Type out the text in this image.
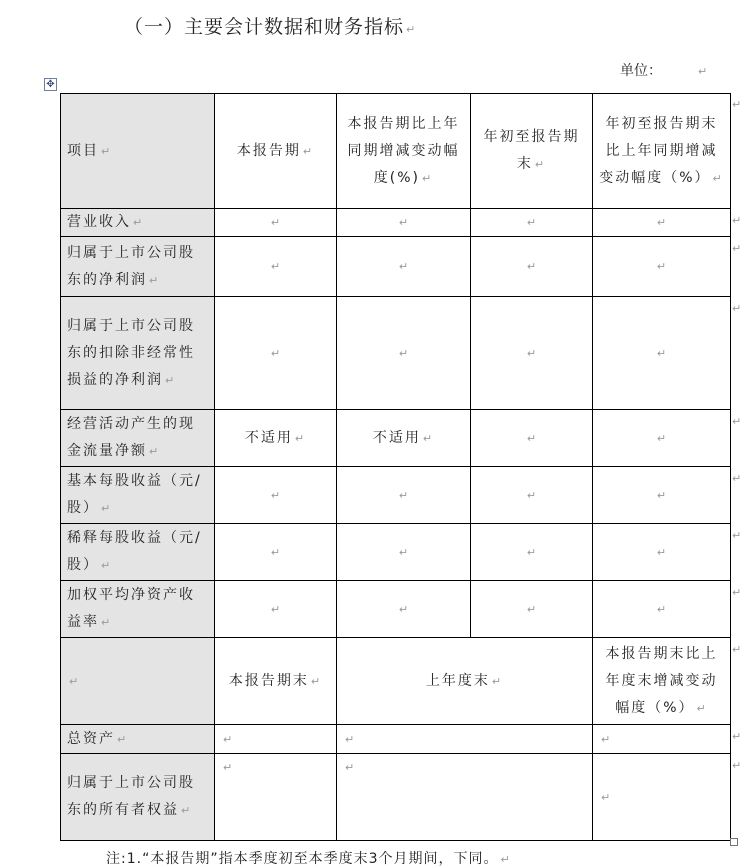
（一）主要会计数据和财务指标 ↵
单位：	↵
✥
项目 ↵	本报告期 ↵	本报告期比上年同期增减变动幅度(%) ↵	年初至报告期末 ↵	年初至报告期末比上年同期增减变动幅度（%） ↵
营业收入 ↵	↵	↵	↵	↵
归属于上市公司股东的净利润 ↵	↵	↵	↵	↵
归属于上市公司股东的扣除非经常性损益的净利润 ↵	↵	↵	↵	↵
经营活动产生的现金流量净额 ↵	不适用 ↵	不适用 ↵	↵	↵
基本每股收益（元/股） ↵	↵	↵	↵	↵
稀释每股收益（元/股） ↵	↵	↵	↵	↵
加权平均净资产收益率 ↵	↵	↵	↵	↵
↵	本报告期末 ↵	上年度末 ↵		本报告期末比上年度末增减变动幅度（%） ↵
总资产 ↵	↵	↵		↵
归属于上市公司股东的所有者权益 ↵	↵	↵		↵
↵
↵
↵
↵
↵
↵
↵
↵
↵
↵
↵
注:1.“本报告期”指本季度初至本季度末3个月期间，下同。 ↵
